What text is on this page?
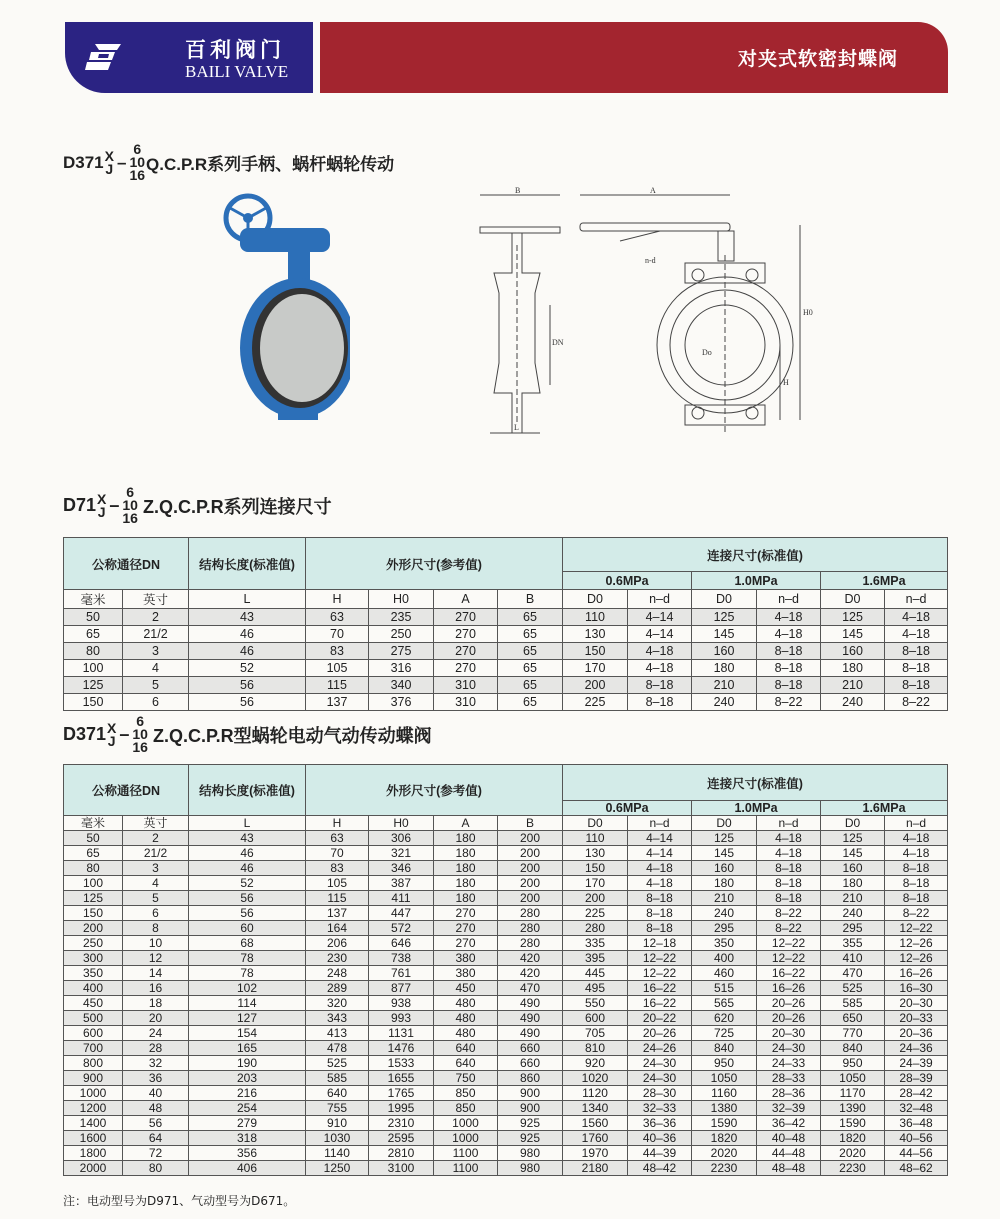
百利阀门
BAILI VALVE
对夹式软密封蝶阀
D371 X
J –
6
10
16
Q.C.P.R系列手柄、蜗杆蜗轮传动
B	A
n-d
DN
Do
H0
H
L
D71 X
J –
6
10
16
Z.Q.C.P.R系列连接尺寸
公称通径DN		结构长度(标准值)	外形尺寸(参考值)				连接尺寸(标准值)					
							0.6MPa		1.0MPa		1.6MPa	
毫米	英寸	L	H	H0	A	B	D0	n–d	D0	n–d	D0	n–d
50	2	43	63	235	270	65	110	4–14	125	4–18	125	4–18
65	21/2	46	70	250	270	65	130	4–14	145	4–18	145	4–18
80	3	46	83	275	270	65	150	4–18	160	8–18	160	8–18
100	4	52	105	316	270	65	170	4–18	180	8–18	180	8–18
125	5	56	115	340	310	65	200	8–18	210	8–18	210	8–18
150	6	56	137	376	310	65	225	8–18	240	8–22	240	8–22
D371 X
J –
6
10
16
Z.Q.C.P.R型蜗轮电动气动传动蝶阀
公称通径DN		结构长度(标准值)	外形尺寸(参考值)				连接尺寸(标准值)					
							0.6MPa		1.0MPa		1.6MPa	
毫米	英寸	L	H	H0	A	B	D0	n–d	D0	n–d	D0	n–d
50	2	43	63	306	180	200	110	4–14	125	4–18	125	4–18
65	21/2	46	70	321	180	200	130	4–14	145	4–18	145	4–18
80	3	46	83	346	180	200	150	4–18	160	8–18	160	8–18
100	4	52	105	387	180	200	170	4–18	180	8–18	180	8–18
125	5	56	115	411	180	200	200	8–18	210	8–18	210	8–18
150	6	56	137	447	270	280	225	8–18	240	8–22	240	8–22
200	8	60	164	572	270	280	280	8–18	295	8–22	295	12–22
250	10	68	206	646	270	280	335	12–18	350	12–22	355	12–26
300	12	78	230	738	380	420	395	12–22	400	12–22	410	12–26
350	14	78	248	761	380	420	445	12–22	460	16–22	470	16–26
400	16	102	289	877	450	470	495	16–22	515	16–26	525	16–30
450	18	114	320	938	480	490	550	16–22	565	20–26	585	20–30
500	20	127	343	993	480	490	600	20–22	620	20–26	650	20–33
600	24	154	413	1131	480	490	705	20–26	725	20–30	770	20–36
700	28	165	478	1476	640	660	810	24–26	840	24–30	840	24–36
800	32	190	525	1533	640	660	920	24–30	950	24–33	950	24–39
900	36	203	585	1655	750	860	1020	24–30	1050	28–33	1050	28–39
1000	40	216	640	1765	850	900	1120	28–30	1160	28–36	1170	28–42
1200	48	254	755	1995	850	900	1340	32–33	1380	32–39	1390	32–48
1400	56	279	910	2310	1000	925	1560	36–36	1590	36–42	1590	36–48
1600	64	318	1030	2595	1000	925	1760	40–36	1820	40–48	1820	40–56
1800	72	356	1140	2810	1100	980	1970	44–39	2020	44–48	2020	44–56
2000	80	406	1250	3100	1100	980	2180	48–42	2230	48–48	2230	48–62
注：电动型号为D971、气动型号为D671。
